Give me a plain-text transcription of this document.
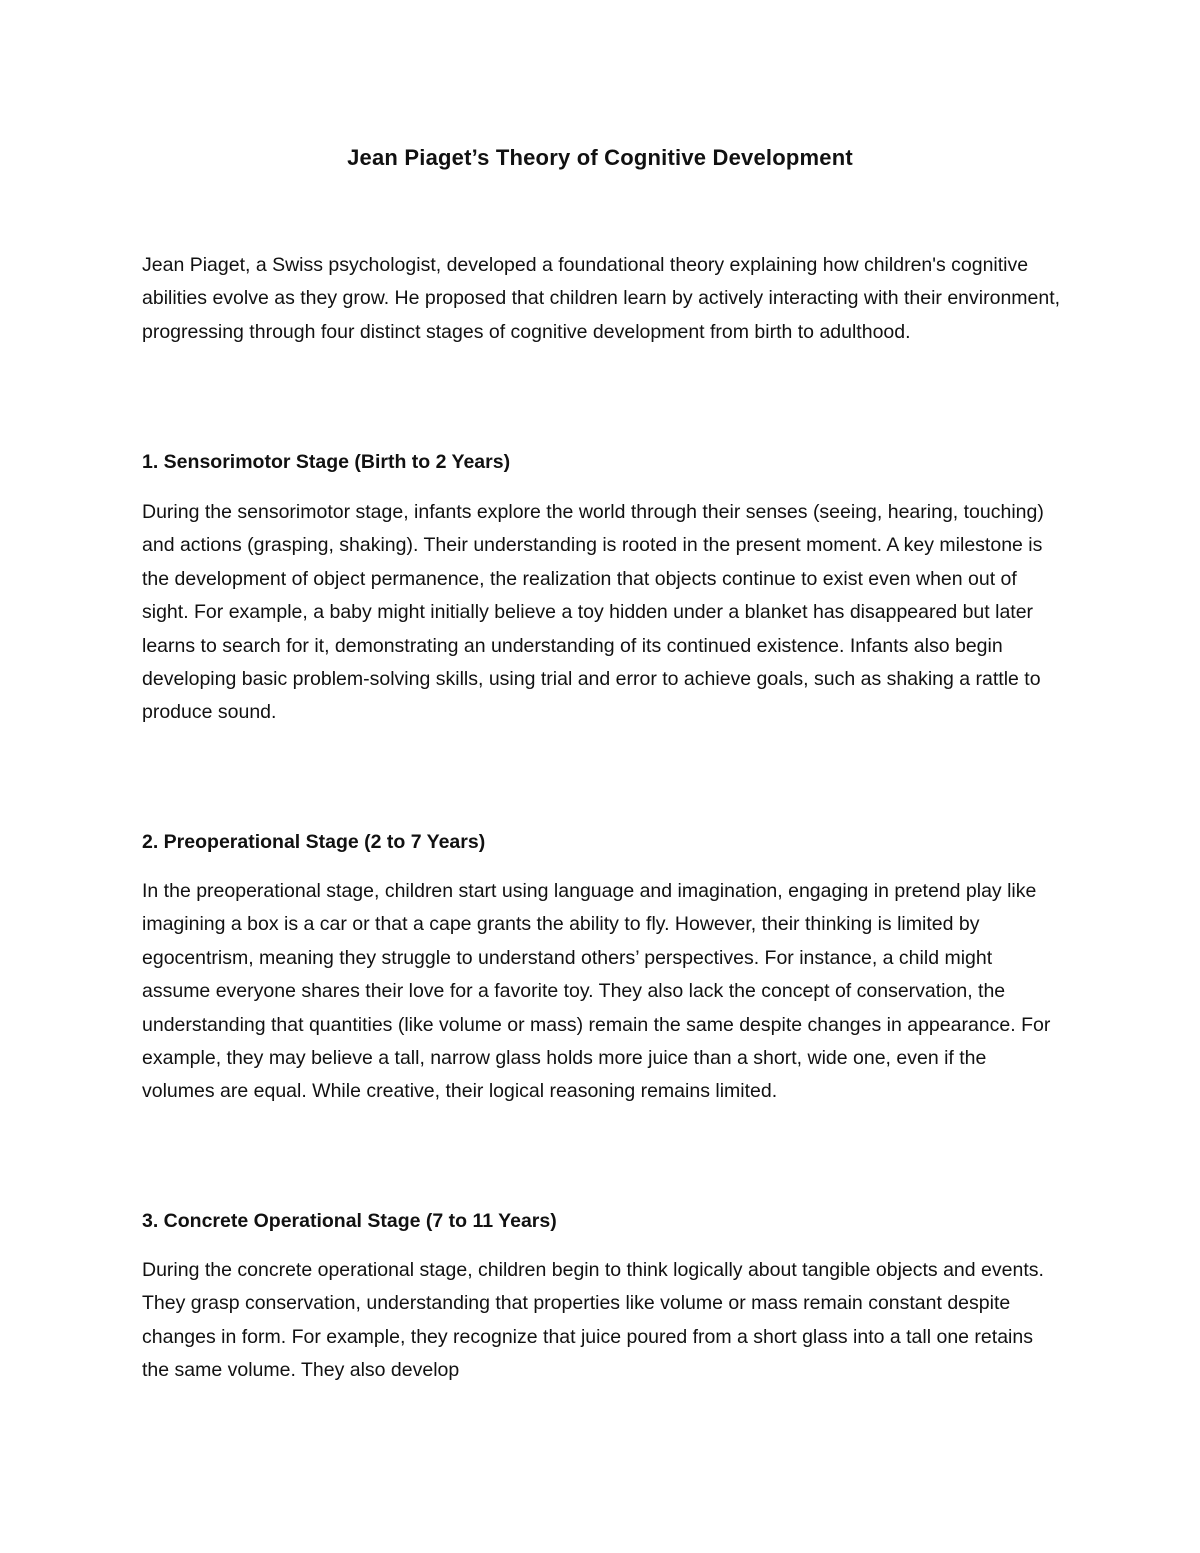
Jean Piaget’s Theory of Cognitive Development

Jean Piaget, a Swiss psychologist, developed a foundational theory explaining how children's cognitive abilities evolve as they grow. He proposed that children learn by actively interacting with their environment, progressing through four distinct stages of cognitive development from birth to adulthood.

1. Sensorimotor Stage (Birth to 2 Years)

During the sensorimotor stage, infants explore the world through their senses (seeing, hearing, touching) and actions (grasping, shaking). Their understanding is rooted in the present moment. A key milestone is the development of object permanence, the realization that objects continue to exist even when out of sight. For example, a baby might initially believe a toy hidden under a blanket has disappeared but later learns to search for it, demonstrating an understanding of its continued existence. Infants also begin developing basic problem-solving skills, using trial and error to achieve goals, such as shaking a rattle to produce sound.

2. Preoperational Stage (2 to 7 Years)

In the preoperational stage, children start using language and imagination, engaging in pretend play like imagining a box is a car or that a cape grants the ability to fly. However, their thinking is limited by egocentrism, meaning they struggle to understand others’ perspectives. For instance, a child might assume everyone shares their love for a favorite toy. They also lack the concept of conservation, the understanding that quantities (like volume or mass) remain the same despite changes in appearance. For example, they may believe a tall, narrow glass holds more juice than a short, wide one, even if the volumes are equal. While creative, their logical reasoning remains limited.

3. Concrete Operational Stage (7 to 11 Years)

During the concrete operational stage, children begin to think logically about tangible objects and events. They grasp conservation, understanding that properties like volume or mass remain constant despite changes in form. For example, they recognize that juice poured from a short glass into a tall one retains the same volume. They also develop
